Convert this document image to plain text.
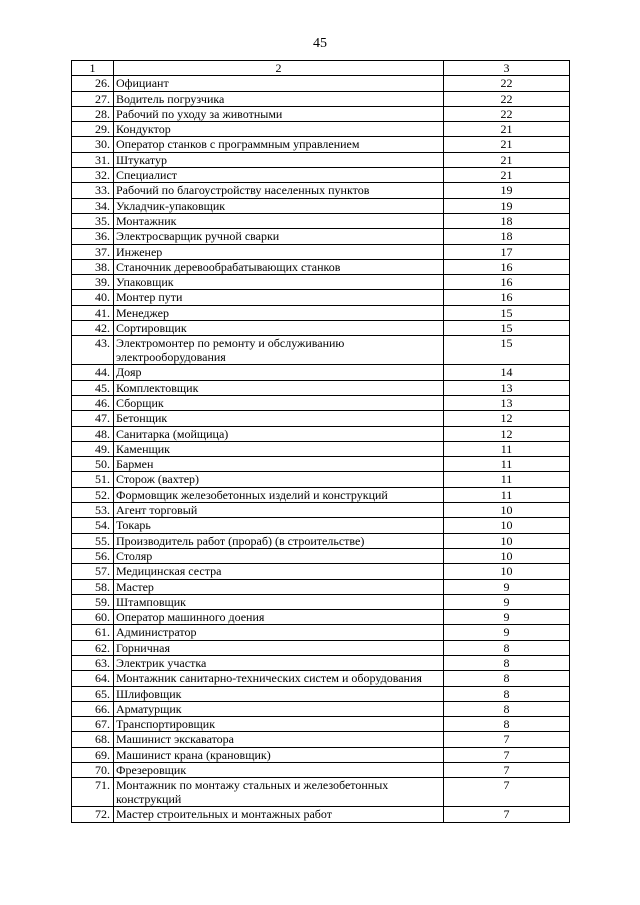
45
1	2	3
26.	Официант	22
27.	Водитель погрузчика	22
28.	Рабочий по уходу за животными	22
29.	Кондуктор	21
30.	Оператор станков с программным управлением	21
31.	Штукатур	21
32.	Специалист	21
33.	Рабочий по благоустройству населенных пунктов	19
34.	Укладчик-упаковщик	19
35.	Монтажник	18
36.	Электросварщик ручной сварки	18
37.	Инженер	17
38.	Станочник деревообрабатывающих станков	16
39.	Упаковщик	16
40.	Монтер пути	16
41.	Менеджер	15
42.	Сортировщик	15
43.	Электромонтер по ремонту и обслуживанию электрооборудования	15
44.	Дояр	14
45.	Комплектовщик	13
46.	Сборщик	13
47.	Бетонщик	12
48.	Санитарка (мойщица)	12
49.	Каменщик	11
50.	Бармен	11
51.	Сторож (вахтер)	11
52.	Формовщик железобетонных изделий и конструкций	11
53.	Агент торговый	10
54.	Токарь	10
55.	Производитель работ (прораб) (в строительстве)	10
56.	Столяр	10
57.	Медицинская сестра	10
58.	Мастер	9
59.	Штамповщик	9
60.	Оператор машинного доения	9
61.	Администратор	9
62.	Горничная	8
63.	Электрик участка	8
64.	Монтажник санитарно-технических систем и оборудования	8
65.	Шлифовщик	8
66.	Арматурщик	8
67.	Транспортировщик	8
68.	Машинист экскаватора	7
69.	Машинист крана (крановщик)	7
70.	Фрезеровщик	7
71.	Монтажник по монтажу стальных и железобетонных конструкций	7
72.	Мастер строительных и монтажных работ	7
